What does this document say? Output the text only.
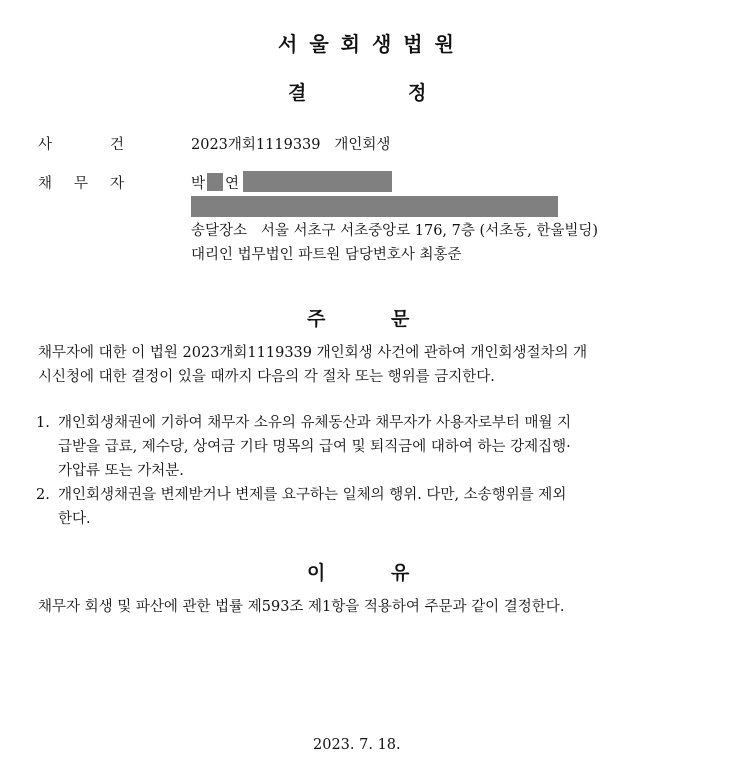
서울회생법원
결	정
사	건	2023개회1119339   개인회생
채 무 자	박 연
송달장소   서울 서초구 서초중앙로 176, 7층 (서초동, 한울빌딩)
대리인 법무법인 파트원 담당변호사 최홍준
주	문
채무자에 대한 이 법원 2023개회1119339 개인회생 사건에 관하여 개인회생절차의 개
시신청에 대한 결정이 있을 때까지 다음의 각 절차 또는 행위를 금지한다.
1. 개인회생채권에 기하여 채무자 소유의 유체동산과 채무자가 사용자로부터 매월 지
급받을 급료, 제수당, 상여금 기타 명목의 급여 및 퇴직금에 대하여 하는 강제집행·
가압류 또는 가처분.
2. 개인회생채권을 변제받거나 변제를 요구하는 일체의 행위. 다만, 소송행위를 제외
한다.
이	유
채무자 회생 및 파산에 관한 법률 제593조 제1항을 적용하여 주문과 같이 결정한다.
2023. 7. 18.
